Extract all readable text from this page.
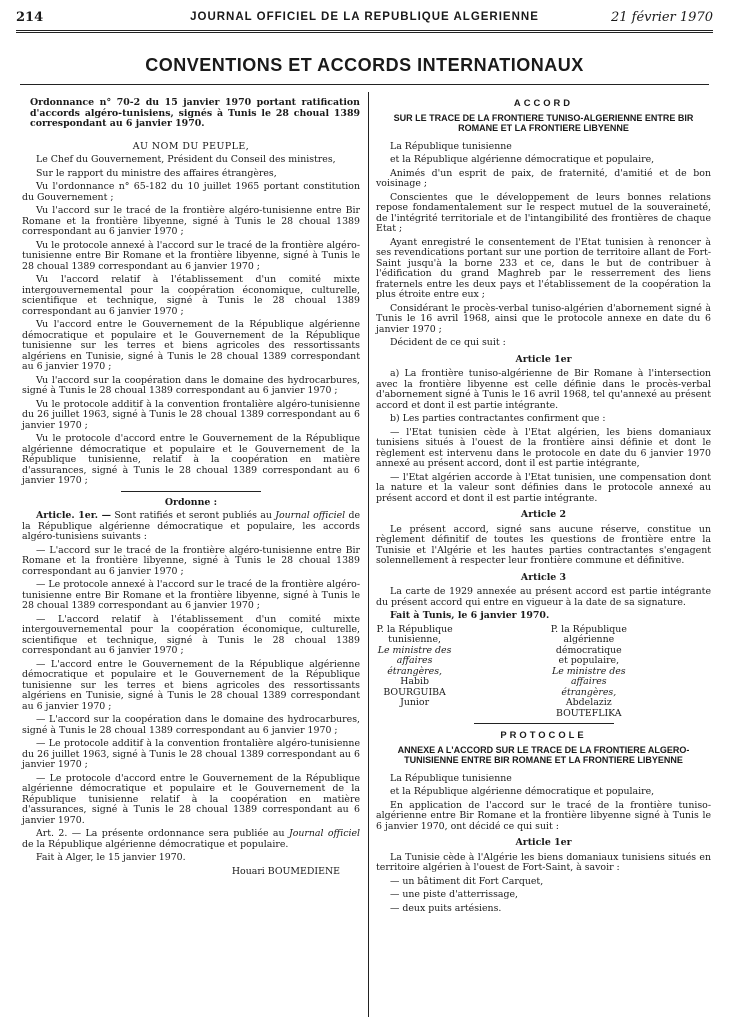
214	JOURNAL OFFICIEL DE LA REPUBLIQUE ALGERIENNE	21 février 1970
CONVENTIONS ET ACCORDS INTERNATIONAUX

Ordonnance n° 70-2 du 15 janvier 1970 portant ratification d'accords algéro-tunisiens, signés à Tunis le 28 choual 1389 correspondant au 6 janvier 1970.

AU NOM DU PEUPLE,

Le Chef du Gouvernement, Président du Conseil des ministres,

Sur le rapport du ministre des affaires étrangères,

Vu l'ordonnance n° 65-182 du 10 juillet 1965 portant constitution du Gouvernement ;

Vu l'accord sur le tracé de la frontière algéro-tunisienne entre Bir Romane et la frontière libyenne, signé à Tunis le 28 choual 1389 correspondant au 6 janvier 1970 ;

Vu le protocole annexé à l'accord sur le tracé de la frontière algéro-tunisienne entre Bir Romane et la frontière libyenne, signé à Tunis le 28 choual 1389 correspondant au 6 janvier 1970 ;

Vu l'accord relatif à l'établissement d'un comité mixte intergouvernemental pour la coopération économique, culturelle, scientifique et technique, signé à Tunis le 28 choual 1389 correspondant au 6 janvier 1970 ;

Vu l'accord entre le Gouvernement de la République algérienne démocratique et populaire et le Gouvernement de la République tunisienne sur les terres et biens agricoles des ressortissants algériens en Tunisie, signé à Tunis le 28 choual 1389 correspondant au 6 janvier 1970 ;

Vu l'accord sur la coopération dans le domaine des hydrocarbures, signé à Tunis le 28 choual 1389 correspondant au 6 janvier 1970 ;

Vu le protocole additif à la convention frontalière algéro-tunisienne du 26 juillet 1963, signé à Tunis le 28 choual 1389 correspondant au 6 janvier 1970 ;

Vu le protocole d'accord entre le Gouvernement de la République algérienne démocratique et populaire et le Gouvernement de la République tunisienne, relatif à la coopération en matière d'assurances, signé à Tunis le 28 choual 1389 correspondant au 6 janvier 1970 ;

Ordonne :

Article. 1er. — Sont ratifiés et seront publiés au Journal officiel de la République algérienne démocratique et populaire, les accords algéro-tunisiens suivants :

— L'accord sur le tracé de la frontière algéro-tunisienne entre Bir Romane et la frontière libyenne, signé à Tunis le 28 choual 1389 correspondant au 6 janvier 1970 ;

— Le protocole annexé à l'accord sur le tracé de la frontière algéro-tunisienne entre Bir Romane et la frontière libyenne, signé à Tunis le 28 choual 1389 correspondant au 6 janvier 1970 ;

— L'accord relatif à l'établissement d'un comité mixte intergouvernemental pour la coopération économique, culturelle, scientifique et technique, signé à Tunis le 28 choual 1389 correspondant au 6 janvier 1970 ;

— L'accord entre le Gouvernement de la République algérienne démocratique et populaire et le Gouvernement de la République tunisienne sur les terres et biens agricoles des ressortissants algériens en Tunisie, signé à Tunis le 28 choual 1389 correspondant au 6 janvier 1970 ;

— L'accord sur la coopération dans le domaine des hydrocarbures, signé à Tunis le 28 choual 1389 correspondant au 6 janvier 1970 ;

— Le protocole additif à la convention frontalière algéro-tunisienne du 26 juillet 1963, signé à Tunis le 28 choual 1389 correspondant au 6 janvier 1970 ;

— Le protocole d'accord entre le Gouvernement de la République algérienne démocratique et populaire et le Gouvernement de la République tunisienne relatif à la coopération en matière d'assurances, signé à Tunis le 28 choual 1389 correspondant au 6 janvier 1970.

Art. 2. — La présente ordonnance sera publiée au Journal officiel de la République algérienne démocratique et populaire.

Fait à Alger, le 15 janvier 1970.

Houari BOUMEDIENE

ACCORD

SUR LE TRACE DE LA FRONTIERE TUNISO-ALGERIENNE ENTRE BIR ROMANE ET LA FRONTIERE LIBYENNE

La République tunisienne

et la République algérienne démocratique et populaire,

Animés d'un esprit de paix, de fraternité, d'amitié et de bon voisinage ;

Conscientes que le développement de leurs bonnes relations repose fondamentalement sur le respect mutuel de la souveraineté, de l'intégrité territoriale et de l'intangibilité des frontières de chaque Etat ;

Ayant enregistré le consentement de l'Etat tunisien à renoncer à ses revendications portant sur une portion de territoire allant de Fort-Saint jusqu'à la borne 233 et ce, dans le but de contribuer à l'édification du grand Maghreb par le resserrement des liens fraternels entre les deux pays et l'établissement de la coopération la plus étroite entre eux ;

Considérant le procès-verbal tuniso-algérien d'abornement signé à Tunis le 16 avril 1968, ainsi que le protocole annexe en date du 6 janvier 1970 ;

Décident de ce qui suit :

Article 1er

a) La frontière tuniso-algérienne de Bir Romane à l'intersection avec la frontière libyenne est celle définie dans le procès-verbal d'abornement signé à Tunis le 16 avril 1968, tel qu'annexé au présent accord et dont il est partie intégrante.

b) Les parties contractantes confirment que :

— l'Etat tunisien cède à l'Etat algérien, les biens domaniaux tunisiens situés à l'ouest de la frontière ainsi définie et dont le règlement est intervenu dans le protocole en date du 6 janvier 1970 annexé au présent accord, dont il est partie intégrante,

— l'Etat algérien accorde à l'Etat tunisien, une compensation dont la nature et la valeur sont définies dans le protocole annexé au présent accord et dont il est partie intégrante.

Article 2

Le présent accord, signé sans aucune réserve, constitue un règlement définitif de toutes les questions de frontière entre la Tunisie et l'Algérie et les hautes parties contractantes s'engagent solennellement à respecter leur frontière commune et définitive.

Article 3

La carte de 1929 annexée au présent accord est partie intégrante du présent accord qui entre en vigueur à la date de sa signature.

Fait à Tunis, le 6 janvier 1970.

P. la République tunisienne,
Le ministre des affaires étrangères,
Habib BOURGUIBA Junior
P. la République algérienne démocratique et populaire,
Le ministre des affaires étrangères,
Abdelaziz BOUTEFLIKA

PROTOCOLE

ANNEXE A L'ACCORD SUR LE TRACE DE LA FRONTIERE ALGERO-TUNISIENNE ENTRE BIR ROMANE ET LA FRONTIERE LIBYENNE

La République tunisienne

et la République algérienne démocratique et populaire,

En application de l'accord sur le tracé de la frontière tuniso-algérienne entre Bir Romane et la frontière libyenne signé à Tunis le 6 janvier 1970, ont décidé ce qui suit :

Article 1er

La Tunisie cède à l'Algérie les biens domaniaux tunisiens situés en territoire algérien à l'ouest de Fort-Saint, à savoir :

— un bâtiment dit Fort Carquet,

— une piste d'atterrissage,

— deux puits artésiens.
